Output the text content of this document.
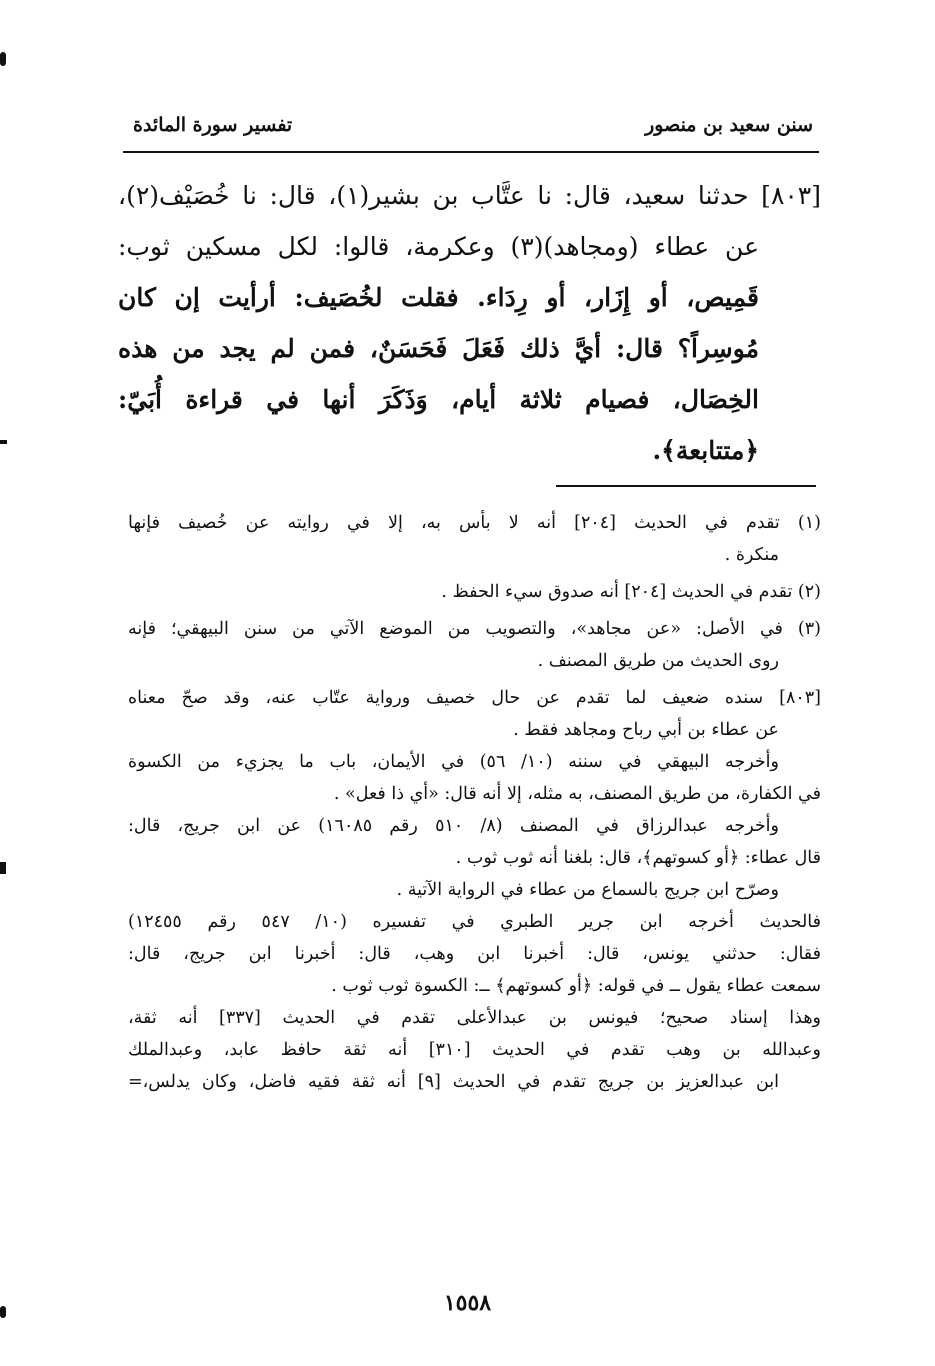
سنن سعيد بن منصور
تفسير سورة المائدة
[٨٠٣] حدثنا سعيد، قال: نا عتَّاب بن بشير(١)، قال: نا خُصَيْف(٢)،
عن عطاء (ومجاهد)(٣) وعكرمة، قالوا: لكل مسكين ثوب:
قَمِيص، أو إِزَار، أو رِدَاء. فقلت لخُصَيف: أرأيت إن كان
مُوسِراً؟ قال: أيَّ ذلك فَعَلَ فَحَسَنٌ، فمن لم يجد من هذه
الخِصَال، فصيام ثلاثة أيام، وَذَكَرَ أنها في قراءة أُبَيّ:
﴿متتابعة﴾.
(١) تقدم في الحديث [٢٠٤] أنه لا بأس به، إلا في روايته عن خُصيف فإنها
منكرة .
(٢) تقدم في الحديث [٢٠٤] أنه صدوق سيء الحفظ .
(٣) في الأصل: «عن مجاهد»، والتصويب من الموضع الآتي من سنن البيهقي؛ فإنه
روى الحديث من طريق المصنف .
[٨٠٣] سنده ضعيف لما تقدم عن حال خصيف ورواية عتّاب عنه، وقد صحّ معناه
عن عطاء بن أبي رباح ومجاهد فقط .
وأخرجه البيهقي في سننه (١٠/ ٥٦) في الأيمان، باب ما يجزيء من الكسوة
في الكفارة، من طريق المصنف، به مثله، إلا أنه قال: «أي ذا فعل» .
وأخرجه عبدالرزاق في المصنف (٨/ ٥١٠ رقم ١٦٠٨٥) عن ابن جريج، قال:
قال عطاء: ﴿أو كسوتهم﴾، قال: بلغنا أنه ثوب ثوب .
وصرّح ابن جريج بالسماع من عطاء في الرواية الآتية .
فالحديث أخرجه ابن جرير الطبري في تفسيره (١٠/ ٥٤٧ رقم ١٢٤٥٥)
فقال: حدثني يونس، قال: أخبرنا ابن وهب، قال: أخبرنا ابن جريج، قال:
سمعت عطاء يقول ــ في قوله: ﴿أو كسوتهم﴾ ــ: الكسوة ثوب ثوب .
وهذا إسناد صحيح؛ فيونس بن عبدالأعلى تقدم في الحديث [٣٣٧] أنه ثقة،
وعبدالله بن وهب تقدم في الحديث [٣١٠] أنه ثقة حافظ عابد، وعبدالملك
ابن عبدالعزيز بن جريج تقدم في الحديث [٩] أنه ثقة فقيه فاضل، وكان يدلس،=
١٥٥٨
